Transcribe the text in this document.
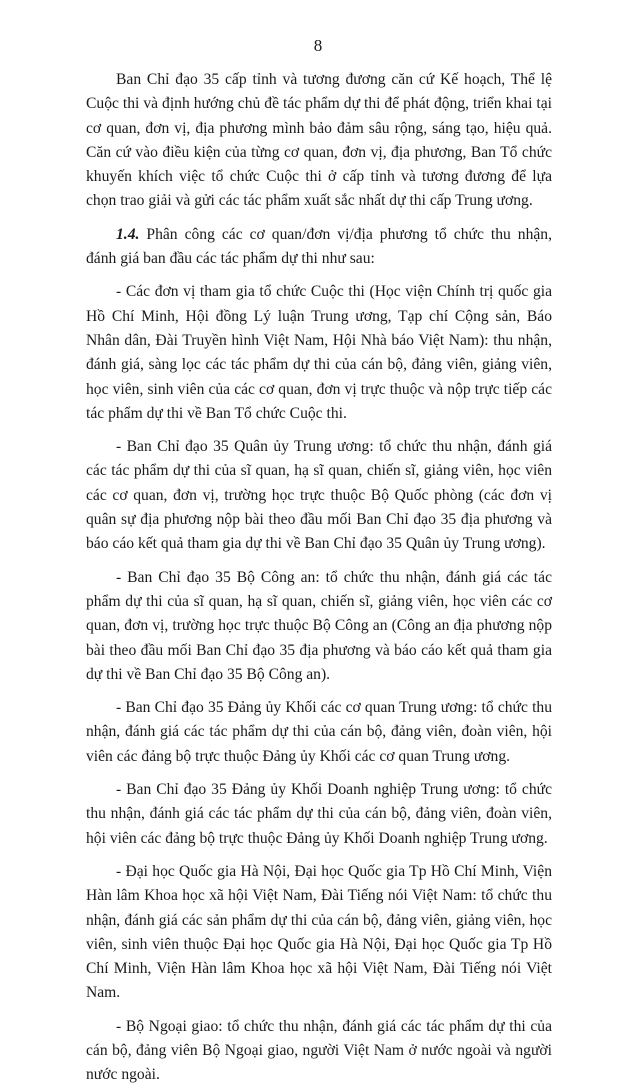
8

Ban Chỉ đạo 35 cấp tỉnh và tương đương căn cứ Kế hoạch, Thể lệ Cuộc thi và định hướng chủ đề tác phẩm dự thi để phát động, triển khai tại cơ quan, đơn vị, địa phương mình bảo đảm sâu rộng, sáng tạo, hiệu quả. Căn cứ vào điều kiện của từng cơ quan, đơn vị, địa phương, Ban Tổ chức khuyến khích việc tổ chức Cuộc thi ở cấp tỉnh và tương đương để lựa chọn trao giải và gửi các tác phẩm xuất sắc nhất dự thi cấp Trung ương.

1.4. Phân công các cơ quan/đơn vị/địa phương tổ chức thu nhận, đánh giá ban đầu các tác phẩm dự thi như sau:

- Các đơn vị tham gia tổ chức Cuộc thi (Học viện Chính trị quốc gia Hồ Chí Minh, Hội đồng Lý luận Trung ương, Tạp chí Cộng sản, Báo Nhân dân, Đài Truyền hình Việt Nam, Hội Nhà báo Việt Nam): thu nhận, đánh giá, sàng lọc các tác phẩm dự thi của cán bộ, đảng viên, giảng viên, học viên, sinh viên của các cơ quan, đơn vị trực thuộc và nộp trực tiếp các tác phẩm dự thi về Ban Tổ chức Cuộc thi.

- Ban Chỉ đạo 35 Quân ủy Trung ương: tổ chức thu nhận, đánh giá các tác phẩm dự thi của sĩ quan, hạ sĩ quan, chiến sĩ, giảng viên, học viên các cơ quan, đơn vị, trường học trực thuộc Bộ Quốc phòng (các đơn vị quân sự địa phương nộp bài theo đầu mối Ban Chỉ đạo 35 địa phương và báo cáo kết quả tham gia dự thi về Ban Chỉ đạo 35 Quân ủy Trung ương).

- Ban Chỉ đạo 35 Bộ Công an: tổ chức thu nhận, đánh giá các tác phẩm dự thi của sĩ quan, hạ sĩ quan, chiến sĩ, giảng viên, học viên các cơ quan, đơn vị, trường học trực thuộc Bộ Công an (Công an địa phương nộp bài theo đầu mối Ban Chỉ đạo 35 địa phương và báo cáo kết quả tham gia dự thi về Ban Chỉ đạo 35 Bộ Công an).

- Ban Chỉ đạo 35 Đảng ủy Khối các cơ quan Trung ương: tổ chức thu nhận, đánh giá các tác phẩm dự thi của cán bộ, đảng viên, đoàn viên, hội viên các đảng bộ trực thuộc Đảng ủy Khối các cơ quan Trung ương.

- Ban Chỉ đạo 35 Đảng ủy Khối Doanh nghiệp Trung ương: tổ chức thu nhận, đánh giá các tác phẩm dự thi của cán bộ, đảng viên, đoàn viên, hội viên các đảng bộ trực thuộc Đảng ủy Khối Doanh nghiệp Trung ương.

- Đại học Quốc gia Hà Nội, Đại học Quốc gia Tp Hồ Chí Minh, Viện Hàn lâm Khoa học xã hội Việt Nam, Đài Tiếng nói Việt Nam: tổ chức thu nhận, đánh giá các sản phẩm dự thi của cán bộ, đảng viên, giảng viên, học viên, sinh viên thuộc Đại học Quốc gia Hà Nội, Đại học Quốc gia Tp Hồ Chí Minh, Viện Hàn lâm Khoa học xã hội Việt Nam, Đài Tiếng nói Việt Nam.

- Bộ Ngoại giao: tổ chức thu nhận, đánh giá các tác phẩm dự thi của cán bộ, đảng viên Bộ Ngoại giao, người Việt Nam ở nước ngoài và người nước ngoài.
